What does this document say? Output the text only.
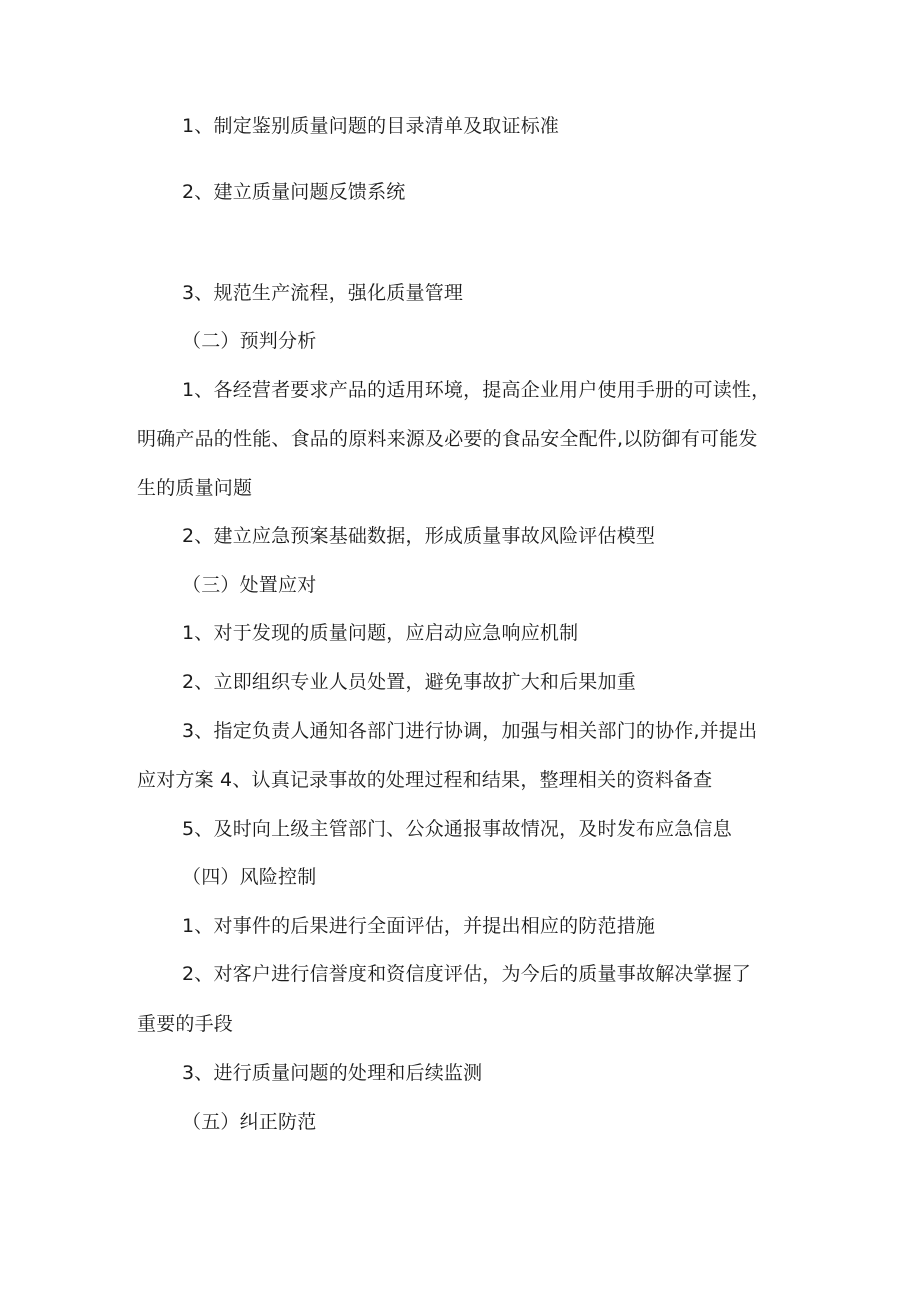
1、制定鉴别质量问题的目录清单及取证标准
2、建立质量问题反馈系统
3、规范生产流程，强化质量管理
（二）预判分析
1、各经营者要求产品的适用环境，提高企业用户使用手册的可读性，
明确产品的性能、食品的原料来源及必要的食品安全配件,以防御有可能发
生的质量问题
2、建立应急预案基础数据，形成质量事故风险评估模型
（三）处置应对
1、对于发现的质量问题，应启动应急响应机制
2、立即组织专业人员处置，避免事故扩大和后果加重
3、指定负责人通知各部门进行协调，加强与相关部门的协作,并提出
应对方案 4、认真记录事故的处理过程和结果，整理相关的资料备查
5、及时向上级主管部门、公众通报事故情况，及时发布应急信息
（四）风险控制
1、对事件的后果进行全面评估，并提出相应的防范措施
2、对客户进行信誉度和资信度评估，为今后的质量事故解决掌握了
重要的手段
3、进行质量问题的处理和后续监测
（五）纠正防范
